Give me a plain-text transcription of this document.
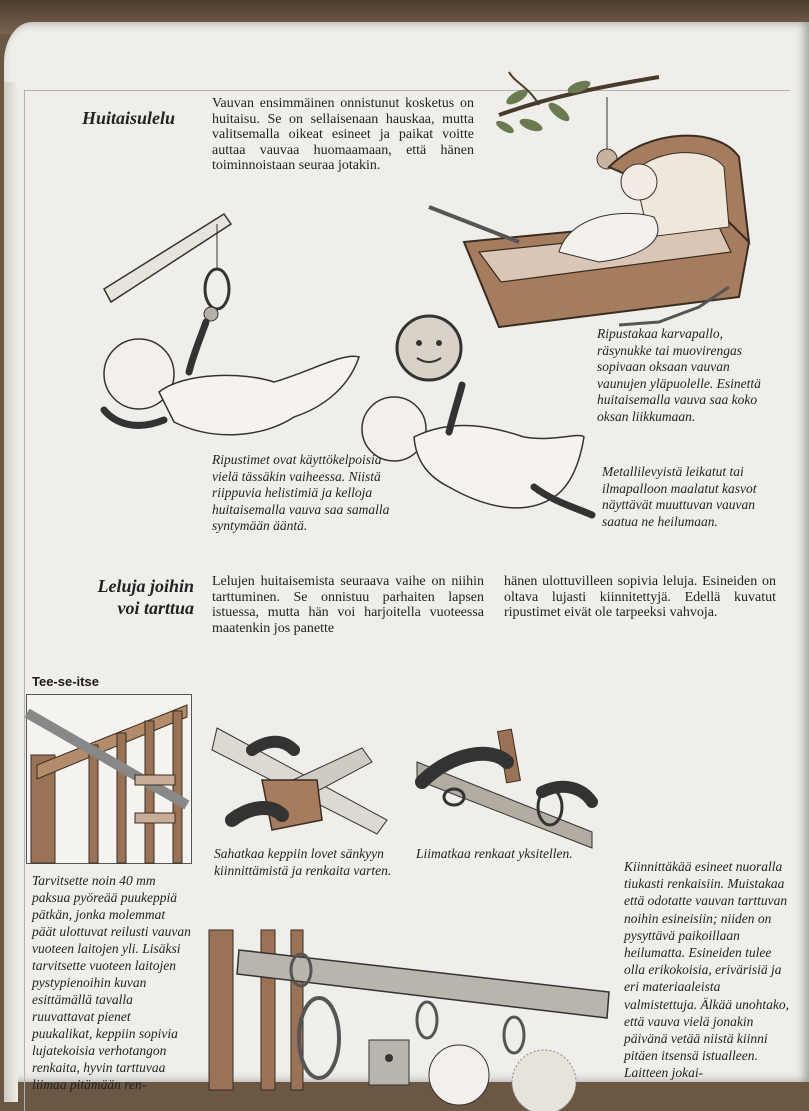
Huitaisulelu
Vauvan ensimmäinen onnistunut kosketus on huitaisu. Se on sellaisenaan hauskaa, mutta valitsemalla oikeat esineet ja paikat voitte auttaa vauvaa huomaamaan, että hänen toiminnoistaan seuraa jotakin.
Ripustakaa karvapallo, räsynukke tai muovirengas sopivaan oksaan vauvan vaunujen yläpuolelle. Esinettä huitaisemalla vauva saa koko oksan liikkumaan.
Ripustimet ovat käyttökelpoisia vielä tässäkin vaiheessa. Niistä riippuvia helistimiä ja kelloja huitaisemalla vauva saa samalla syntymään ääntä.
Metallilevyistä leikatut tai ilmapalloon maalatut kasvot näyttävät muuttuvan vauvan saatua ne heilumaan.
Leluja joihin
voi tarttua
Lelujen huitaisemista seuraava vaihe on niihin tarttuminen. Se onnistuu parhaiten lapsen istuessa, mutta hän voi harjoitella vuoteessa maatenkin jos panette
hänen ulottuvilleen sopivia leluja. Esineiden on oltava lujasti kiinnitettyjä. Edellä kuvatut ripustimet eivät ole tarpeeksi vahvoja.
Tee-se-itse
Tarvitsette noin 40 mm paksua pyöreää puukeppiä pätkän, jonka molemmat päät ulottuvat reilusti vauvan vuoteen laitojen yli. Lisäksi tarvitsette vuoteen laitojen pystypienoihin kuvan esittämällä tavalla ruuvattavat pienet puukalikat, keppiin sopivia lujatekoisia verhotangon renkaita, hyvin tarttuvaa liimaa pitämään ren-
Sahatkaa keppiin lovet sänkyyn kiinnittämistä ja renkaita varten.
Liimatkaa renkaat yksitellen.
Kiinnittäkää esineet nuoralla tiukasti renkaisiin. Muistakaa että odotatte vauvan tarttuvan noihin esineisiin; niiden on pysyttävä paikoillaan heilumatta. Esineiden tulee olla erikokoisia, erivärisiä ja eri materiaaleista valmistettuja. Älkää unohtako, että vauva vielä jonakin päivänä vetää niistä kiinni pitäen itsensä istualleen. Laitteen jokai-
